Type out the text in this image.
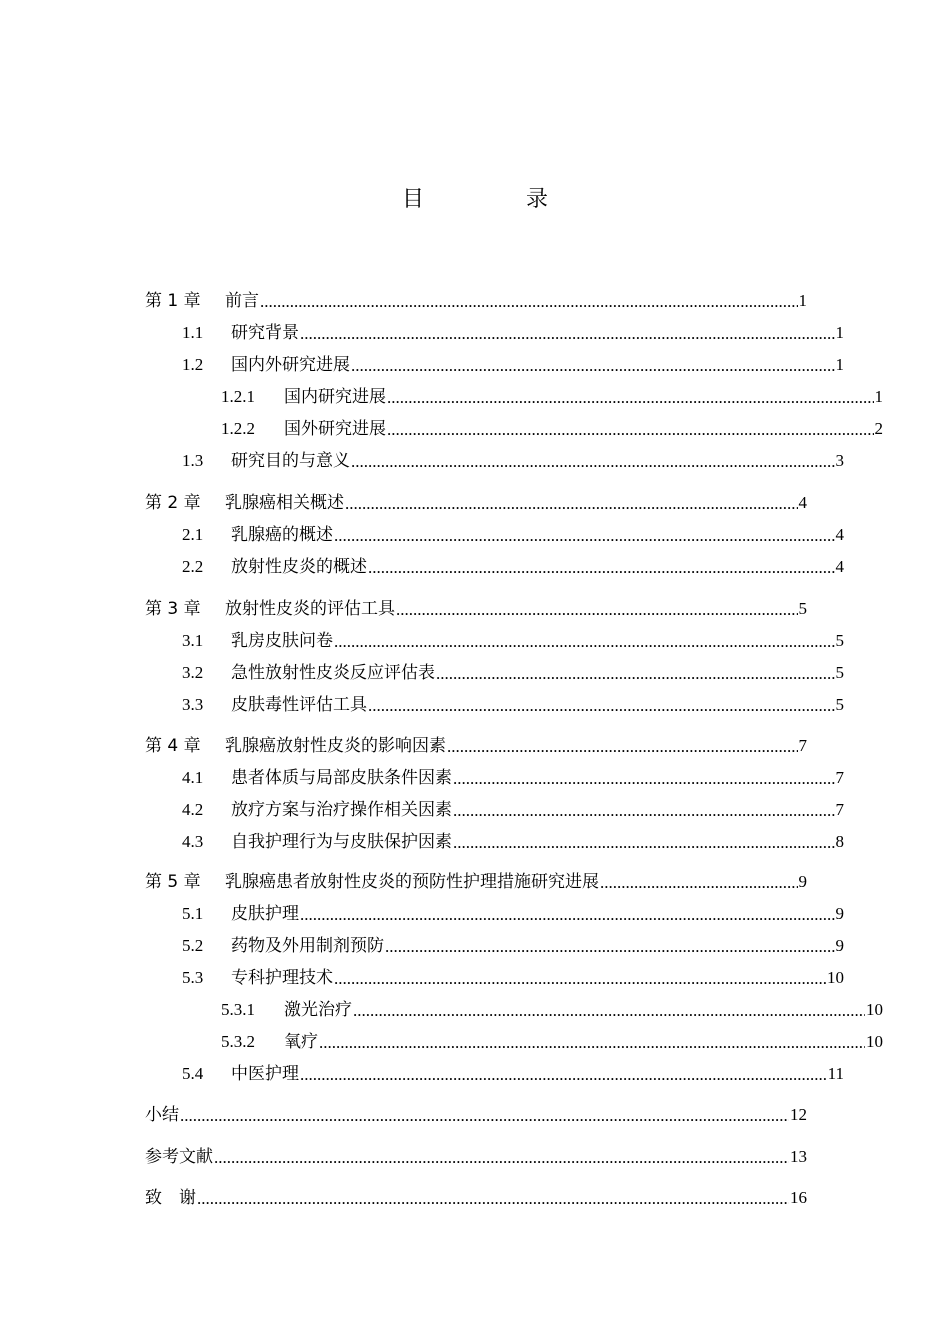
目　录
第 1 章	前言 .....	1
1.1	研究背景 .....	1
1.2	国内外研究进展 .....	1
1.2.1	国内研究进展 .....	1
1.2.2	国外研究进展 .....	2
1.3	研究目的与意义 .....	3
第 2 章	乳腺癌相关概述 .....	4
2.1	乳腺癌的概述 .....	4
2.2	放射性皮炎的概述 .....	4
第 3 章	放射性皮炎的评估工具 .....	5
3.1	乳房皮肤问卷 .....	5
3.2	急性放射性皮炎反应评估表 .....	5
3.3	皮肤毒性评估工具 .....	5
第 4 章	乳腺癌放射性皮炎的影响因素 .....	7
4.1	患者体质与局部皮肤条件因素 .....	7
4.2	放疗方案与治疗操作相关因素 .....	7
4.3	自我护理行为与皮肤保护因素 .....	8
第 5 章	乳腺癌患者放射性皮炎的预防性护理措施研究进展 .....	9
5.1	皮肤护理 .....	9
5.2	药物及外用制剂预防 .....	9
5.3	专科护理技术 .....	10
5.3.1	激光治疗 .....	10
5.3.2	氧疗 .....	10
5.4	中医护理 .....	11
小结 .....	12
参考文献 .....	13
致　谢 .....	16
